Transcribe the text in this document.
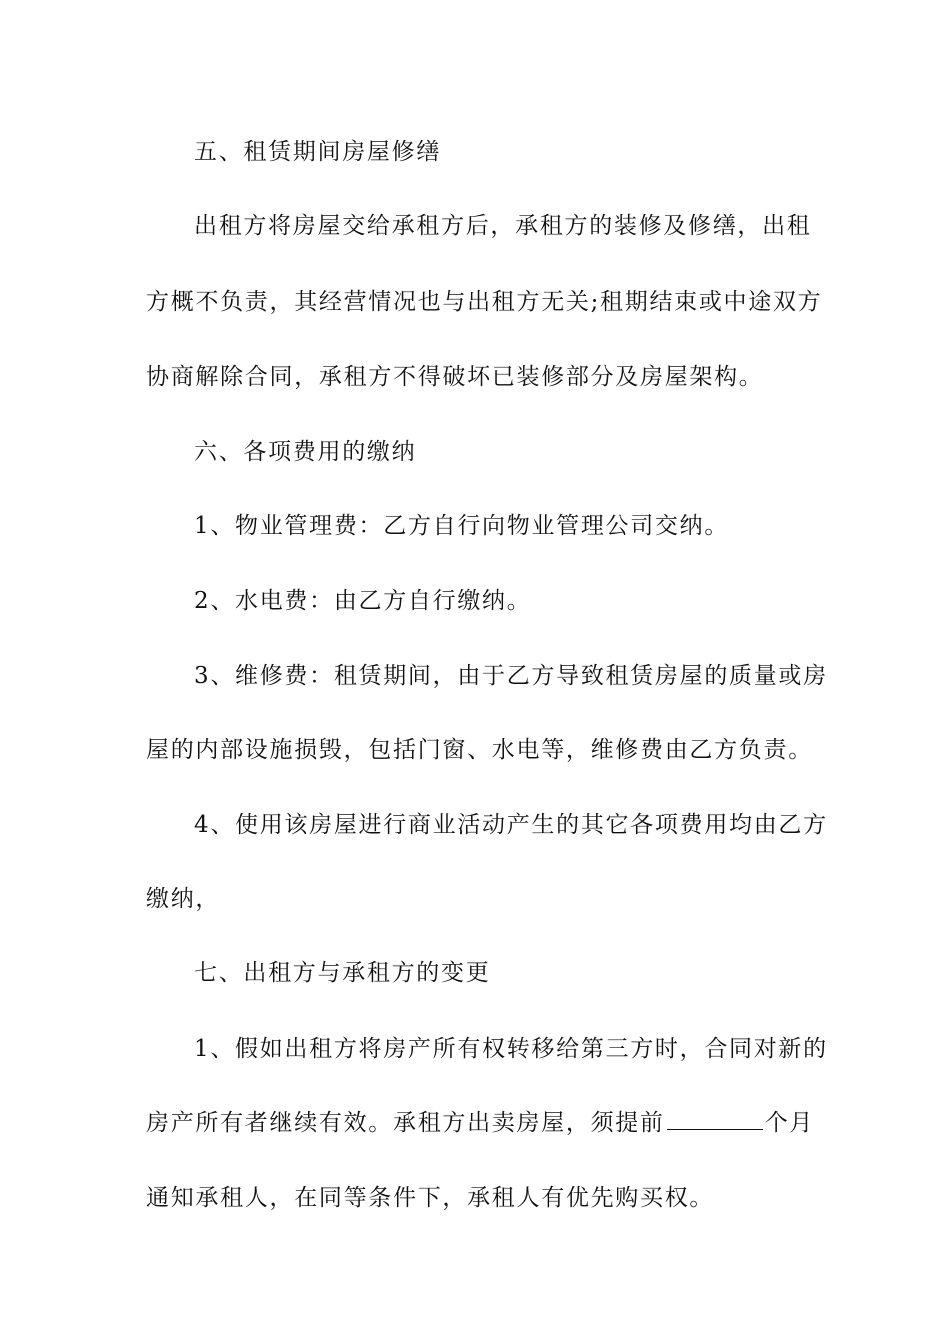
五、租赁期间房屋修缮
出租方将房屋交给承租方后，承租方的装修及修缮，出租
方概不负责，其经营情况也与出租方无关;租期结束或中途双方
协商解除合同，承租方不得破坏已装修部分及房屋架构。
六、各项费用的缴纳
1、物业管理费：乙方自行向物业管理公司交纳。
2、水电费：由乙方自行缴纳。
3、维修费：租赁期间，由于乙方导致租赁房屋的质量或房
屋的内部设施损毁，包括门窗、水电等，维修费由乙方负责。
4、使用该房屋进行商业活动产生的其它各项费用均由乙方
缴纳，
七、出租方与承租方的变更
1、假如出租方将房产所有权转移给第三方时，合同对新的
房产所有者继续有效。承租方出卖房屋，须提前	个月
通知承租人，在同等条件下，承租人有优先购买权。
